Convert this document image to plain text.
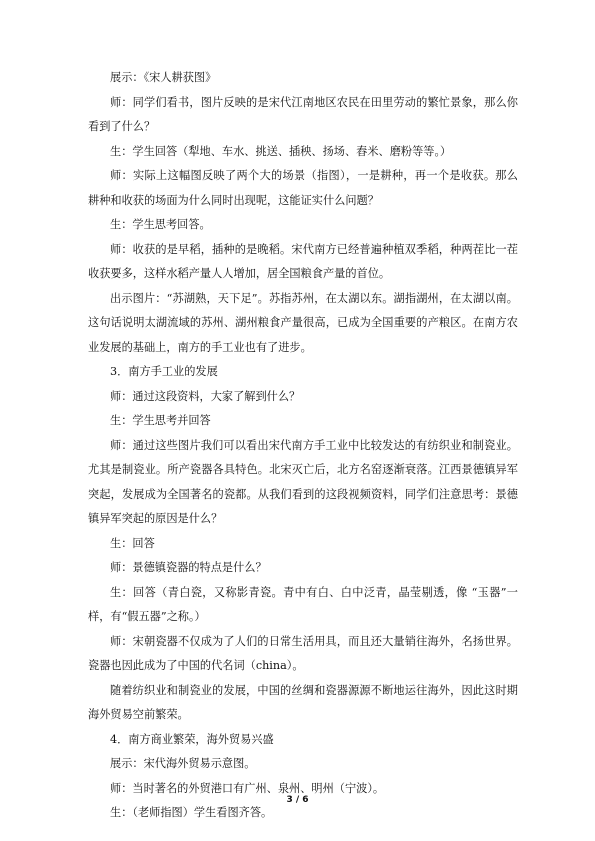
展示：《宋人耕获图》

师：同学们看书，图片反映的是宋代江南地区农民在田里劳动的繁忙景象，那么你看到了什么？

生：学生回答（犁地、车水、挑送、插秧、扬场、舂米、磨粉等等。）

师：实际上这幅图反映了两个大的场景（指图），一是耕种，再一个是收获。那么耕种和收获的场面为什么同时出现呢，这能证实什么问题？

生：学生思考回答。

师：收获的是早稻，插种的是晚稻。宋代南方已经普遍种植双季稻，种两茬比一茬收获要多，这样水稻产量人人增加，居全国粮食产量的首位。

出示图片：“苏湖熟，天下足”。苏指苏州，在太湖以东。湖指湖州，在太湖以南。这句话说明太湖流域的苏州、湖州粮食产量很高，已成为全国重要的产粮区。在南方农业发展的基础上，南方的手工业也有了进步。

3．南方手工业的发展

师：通过这段资料，大家了解到什么？

生：学生思考并回答

师：通过这些图片我们可以看出宋代南方手工业中比较发达的有纺织业和制瓷业。尤其是制瓷业。所产瓷器各具特色。北宋灭亡后，北方名窑逐渐衰落。江西景德镇异军突起，发展成为全国著名的瓷都。从我们看到的这段视频资料，同学们注意思考：景德镇异军突起的原因是什么？

生：回答

师：景德镇瓷器的特点是什么？

生：回答（青白瓷，又称影青瓷。青中有白、白中泛青，晶莹剔透，像 “玉器”一样，有“假五器”之称。）

师：宋朝瓷器不仅成为了人们的日常生活用具，而且还大量销往海外，名扬世界。瓷器也因此成为了中国的代名词（china）。

随着纺织业和制瓷业的发展，中国的丝绸和瓷器源源不断地运往海外，因此这时期海外贸易空前繁荣。

4．南方商业繁荣，海外贸易兴盛

展示：宋代海外贸易示意图。

师：当时著名的外贸港口有广州、泉州、明州（宁波）。

生：（老师指图）学生看图齐答。

3 / 6
